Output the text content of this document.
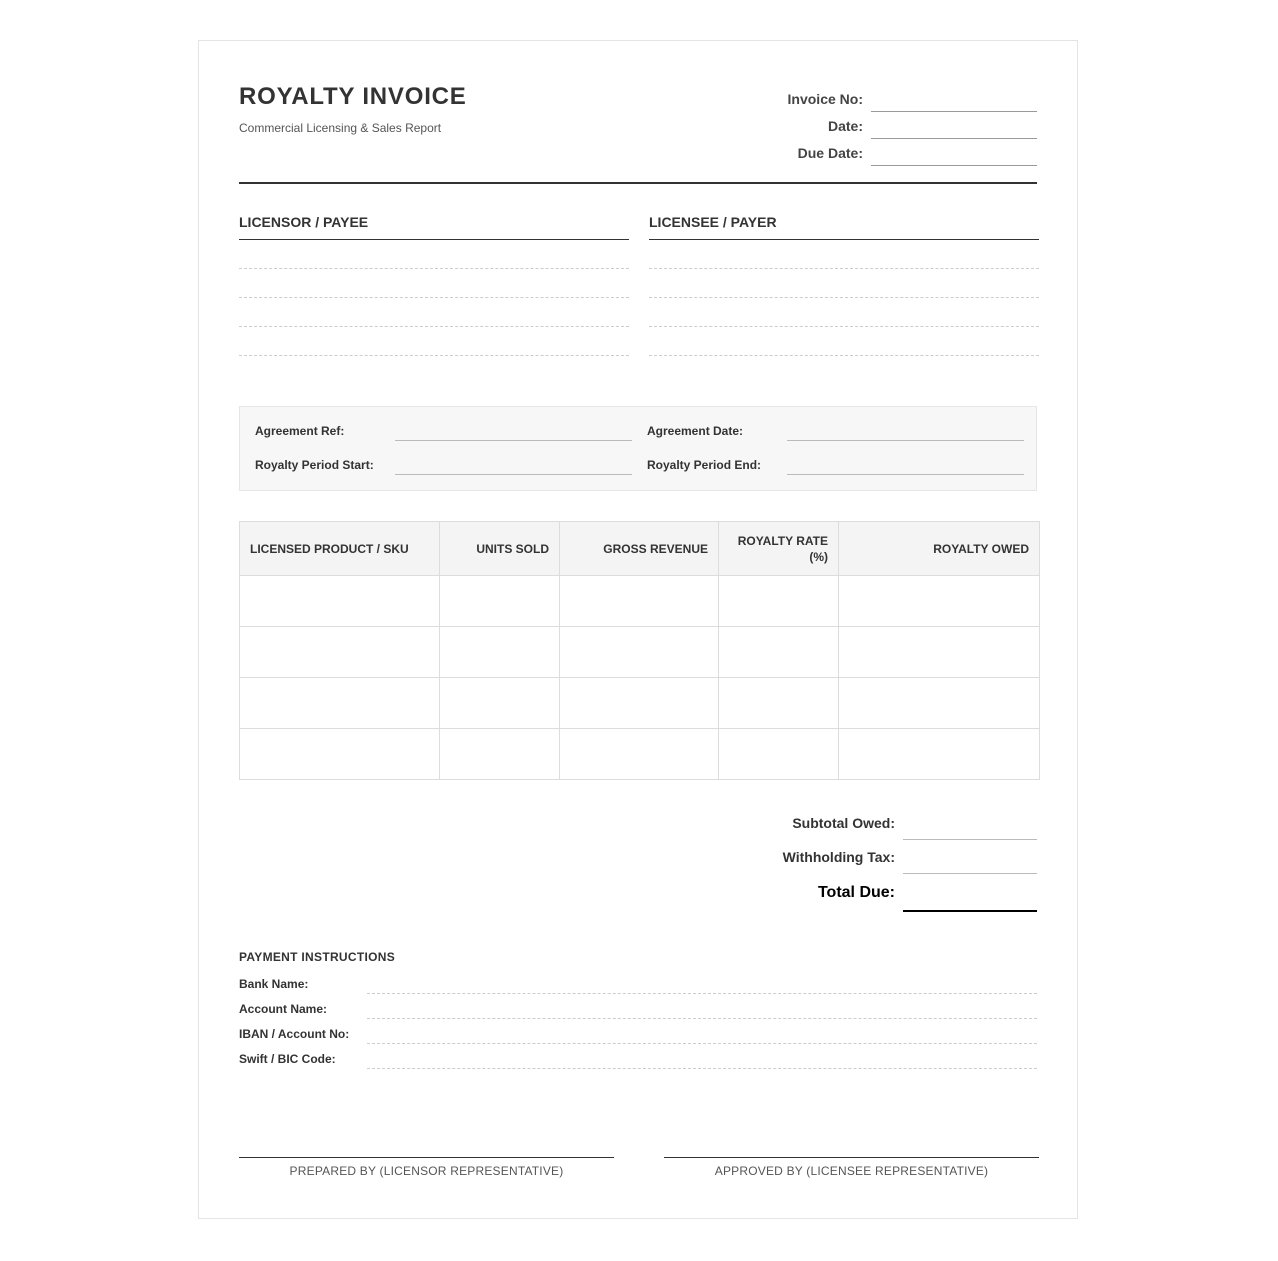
ROYALTY INVOICE
Commercial Licensing & Sales Report
Invoice No:
Date:
Due Date:
LICENSOR / PAYEE	LICENSEE / PAYER
Agreement Ref:	Agreement Date:
Royalty Period Start:	Royalty Period End:
LICENSED PRODUCT / SKU	UNITS SOLD	GROSS REVENUE	ROYALTY RATE (%)	ROYALTY OWED

Subtotal Owed:
Withholding Tax:
Total Due:
PAYMENT INSTRUCTIONS
Bank Name:
Account Name:
IBAN / Account No:
Swift / BIC Code:
PREPARED BY (LICENSOR REPRESENTATIVE)	APPROVED BY (LICENSEE REPRESENTATIVE)
